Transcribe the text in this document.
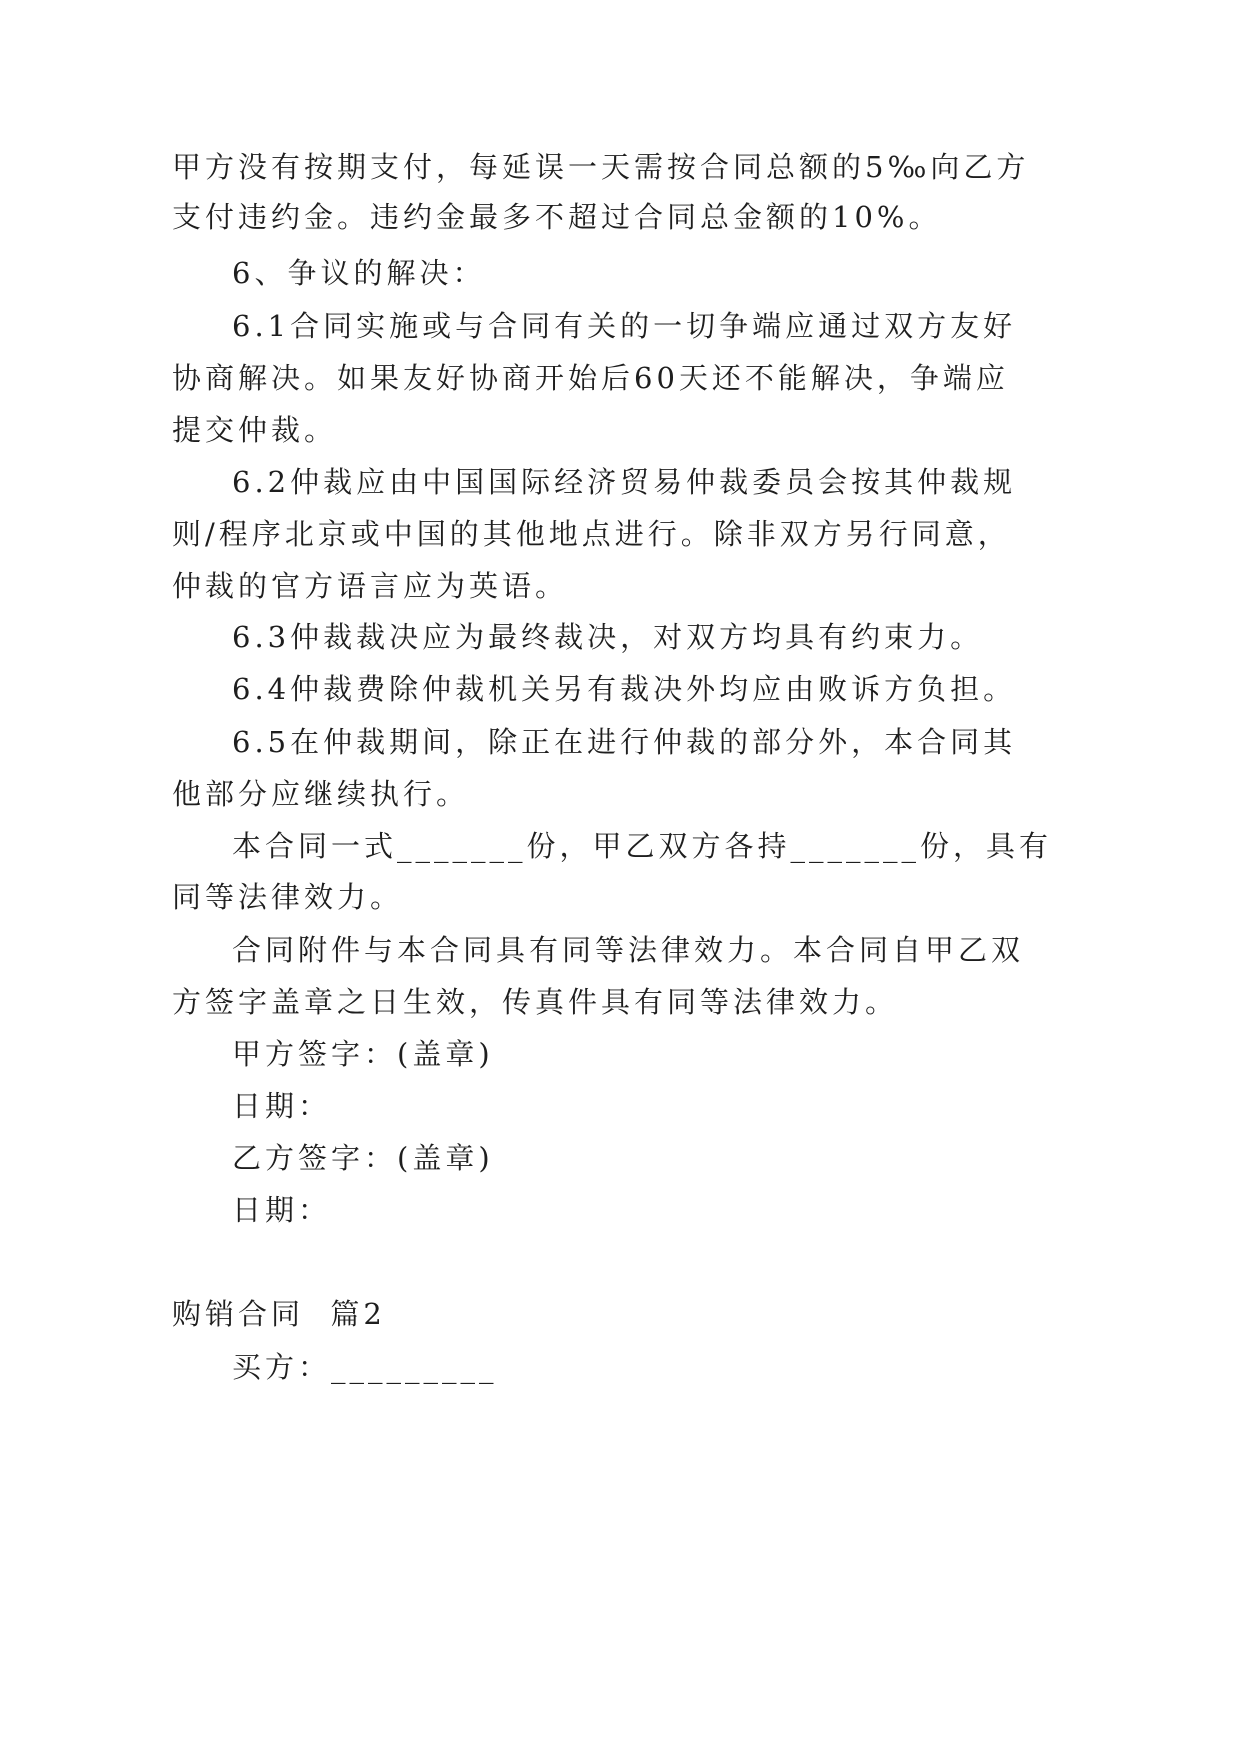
甲方没有按期支付，每延误一天需按合同总额的5‰向乙方
支付违约金。违约金最多不超过合同总金额的10%。
6、争议的解决：
6.1合同实施或与合同有关的一切争端应通过双方友好
协商解决。如果友好协商开始后60天还不能解决，争端应
提交仲裁。
6.2仲裁应由中国国际经济贸易仲裁委员会按其仲裁规
则/程序北京或中国的其他地点进行。除非双方另行同意，
仲裁的官方语言应为英语。
6.3仲裁裁决应为最终裁决，对双方均具有约束力。
6.4仲裁费除仲裁机关另有裁决外均应由败诉方负担。
6.5在仲裁期间，除正在进行仲裁的部分外，本合同其
他部分应继续执行。
本合同一式_______份，甲乙双方各持_______份，具有
同等法律效力。
合同附件与本合同具有同等法律效力。本合同自甲乙双
方签字盖章之日生效，传真件具有同等法律效力。
甲方签字：(盖章)
日期：
乙方签字：(盖章)
日期：
购销合同  篇2
买方：_________
